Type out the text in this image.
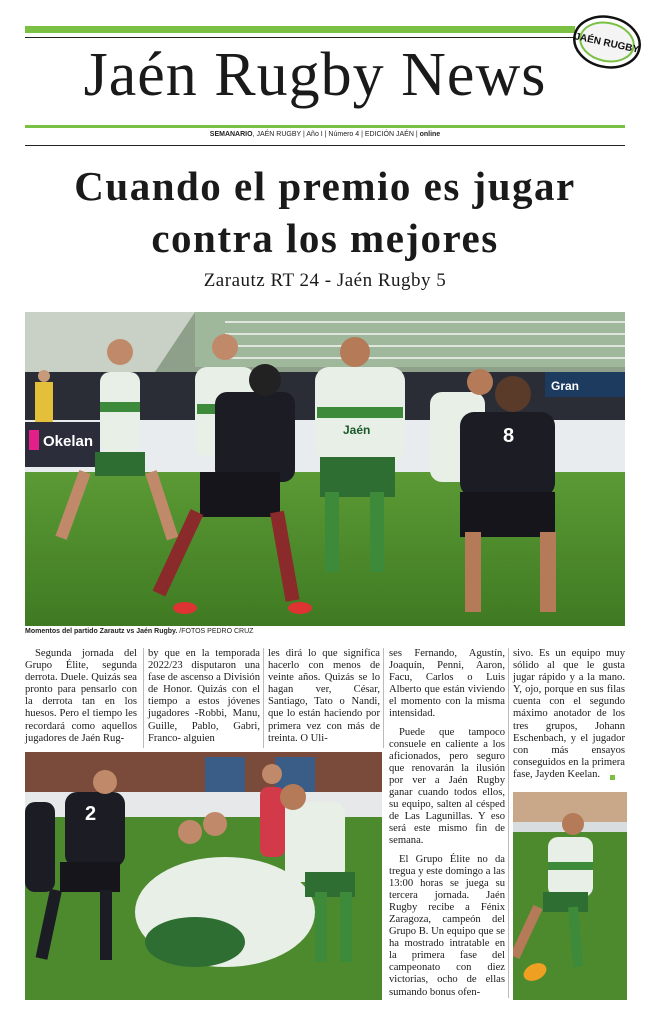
Jaén Rugby News	JAÉN RUGBY
SEMANARIO, JAÉN RUGBY | Año I | Número 4 | EDICIÓN JAÉN | online
Cuando el premio es jugar
contra los mejores
Zarautz RT 24 - Jaén Rugby 5
Okelan
Gran
Jaén	8
Momentos del partido Zarautz vs Jaén Rugby. /FOTOS PEDRO CRUZ

Segunda jornada del Grupo Élite, segunda derrota. Duele. Quizás sea pronto para pensarlo con la derrota tan en los huesos. Pero el tiempo les recordará como aquellos jugadores de Jaén Rug-

by que en la temporada 2022/23 disputaron una fase de ascenso a División de Honor. Quizás con el tiempo a estos jóvenes jugadores -Robbi, Manu, Guille, Pablo, Gabri, Franco- alguien

les dirá lo que significa hacerlo con menos de veinte años. Quizás se lo hagan ver, César, Santiago, Tato o Nandi, que lo están haciendo por primera vez con más de treinta. O Uli-

ses Fernando, Agustín, Joaquín, Penni, Aaron, Facu, Carlos o Luis Alberto que están viviendo el momento con la misma intensidad.

Puede que tampoco consuele en caliente a los aficionados, pero seguro que renovarán la ilusión por ver a Jaén Rugby ganar cuando todos ellos, su equipo, salten al césped de Las Lagunillas. Y eso será este mismo fin de semana.

El Grupo Élite no da tregua y este domingo a las 13:00 horas se juega su tercera jornada. Jaén Rugby recibe a Fénix Zaragoza, campeón del Grupo B. Un equipo que se ha mostrado intratable en la primera fase del campeonato con diez victorias, ocho de ellas sumando bonus ofen-

sivo. Es un equipo muy sólido al que le gusta jugar rápido y a la mano. Y, ojo, porque en sus filas cuenta con el segundo máximo anotador de los tres grupos, Johann Eschenbach, y el jugador con más ensayos conseguidos en la primera fase, Jayden Keelan.

2
